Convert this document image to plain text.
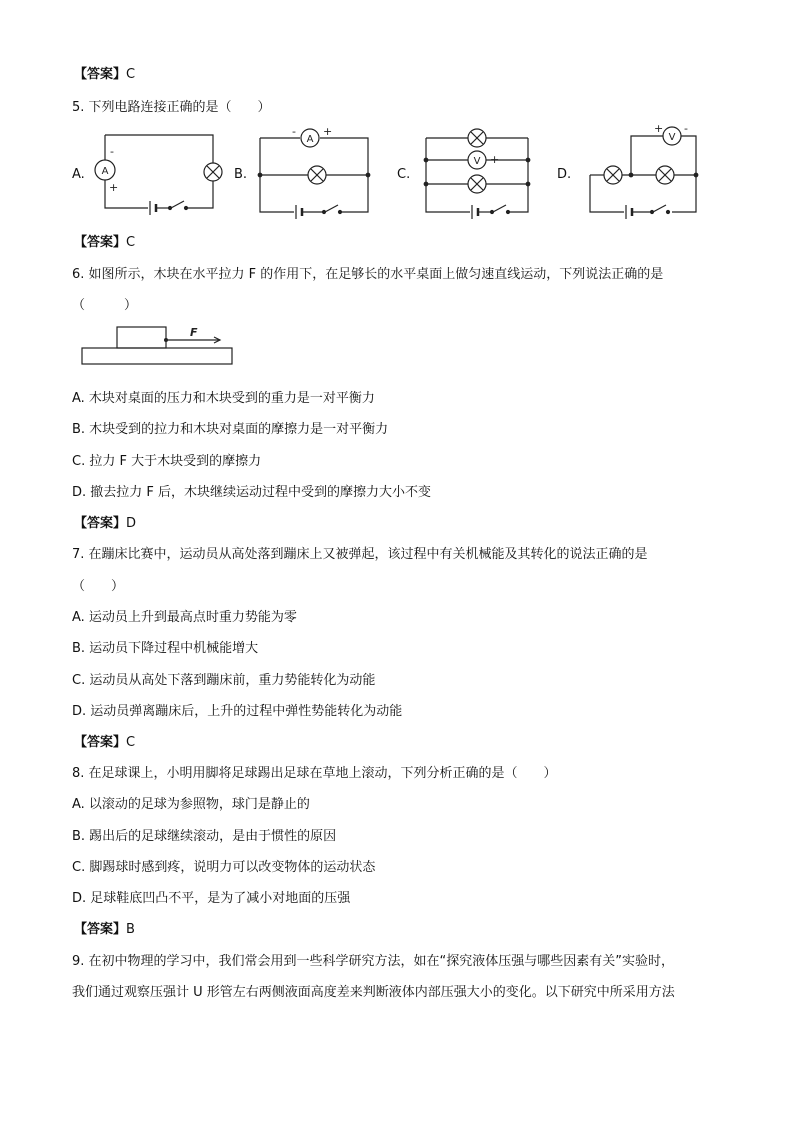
【答案】C
5. 下列电路连接正确的是（　　）
A.	B.	C.	D.
A
-
+
A
- +
V
-	+
V
+ -
【答案】C
6. 如图所示，木块在水平拉力 F 的作用下，在足够长的水平桌面上做匀速直线运动，下列说法正确的是
（　　　）
F
A. 木块对桌面的压力和木块受到的重力是一对平衡力
B. 木块受到的拉力和木块对桌面的摩擦力是一对平衡力
C. 拉力 F 大于木块受到的摩擦力
D. 撤去拉力 F 后，木块继续运动过程中受到的摩擦力大小不变
【答案】D
7. 在蹦床比赛中，运动员从高处落到蹦床上又被弹起，该过程中有关机械能及其转化的说法正确的是
（　　）
A. 运动员上升到最高点时重力势能为零
B. 运动员下降过程中机械能增大
C. 运动员从高处下落到蹦床前，重力势能转化为动能
D. 运动员弹离蹦床后，上升的过程中弹性势能转化为动能
【答案】C
8. 在足球课上，小明用脚将足球踢出足球在草地上滚动，下列分析正确的是（　　）
A. 以滚动的足球为参照物，球门是静止的
B. 踢出后的足球继续滚动，是由于惯性的原因
C. 脚踢球时感到疼，说明力可以改变物体的运动状态
D. 足球鞋底凹凸不平，是为了减小对地面的压强
【答案】B
9. 在初中物理的学习中，我们常会用到一些科学研究方法，如在“探究液体压强与哪些因素有关”实验时，
我们通过观察压强计 U 形管左右两侧液面高度差来判断液体内部压强大小的变化。以下研究中所采用方法
